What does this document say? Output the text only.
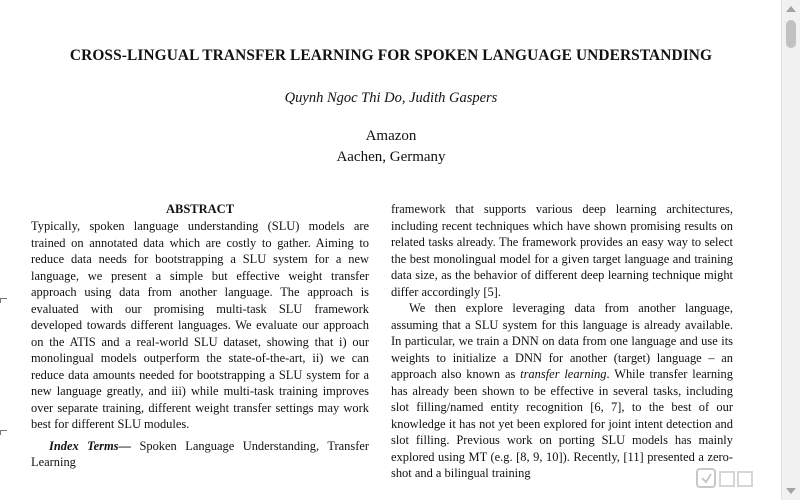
CROSS-LINGUAL TRANSFER LEARNING FOR SPOKEN LANGUAGE UNDERSTANDING
Quynh Ngoc Thi Do, Judith Gaspers
Amazon
Aachen, Germany
ABSTRACT

Typically, spoken language understanding (SLU) models are trained on annotated data which are costly to gather. Aiming to reduce data needs for bootstrapping a SLU system for a new language, we present a simple but effective weight transfer approach using data from another language. The approach is evaluated with our promising multi-task SLU framework developed towards different languages. We evaluate our approach on the ATIS and a real-world SLU dataset, showing that i) our monolingual models outperform the state-of-the-art, ii) we can reduce data amounts needed for bootstrapping a SLU system for a new language greatly, and iii) while multi-task training improves over separate training, different weight transfer settings may work best for different SLU modules.

Index Terms— Spoken Language Understanding, Transfer Learning

framework that supports various deep learning architectures, including recent techniques which have shown promising results on related tasks already. The framework provides an easy way to select the best monolingual model for a given target language and training data size, as the behavior of different deep learning technique might differ accordingly [5].

We then explore leveraging data from another language, assuming that a SLU system for this language is already available. In particular, we train a DNN on data from one language and use its weights to initialize a DNN for another (target) language – an approach also known as transfer learning. While transfer learning has already been shown to be effective in several tasks, including slot filling/named entity recognition [6, 7], to the best of our knowledge it has not yet been explored for joint intent detection and slot filling. Previous work on porting SLU models has mainly explored using MT (e.g. [8, 9, 10]). Recently, [11] presented a zero-shot and a bilingual training
